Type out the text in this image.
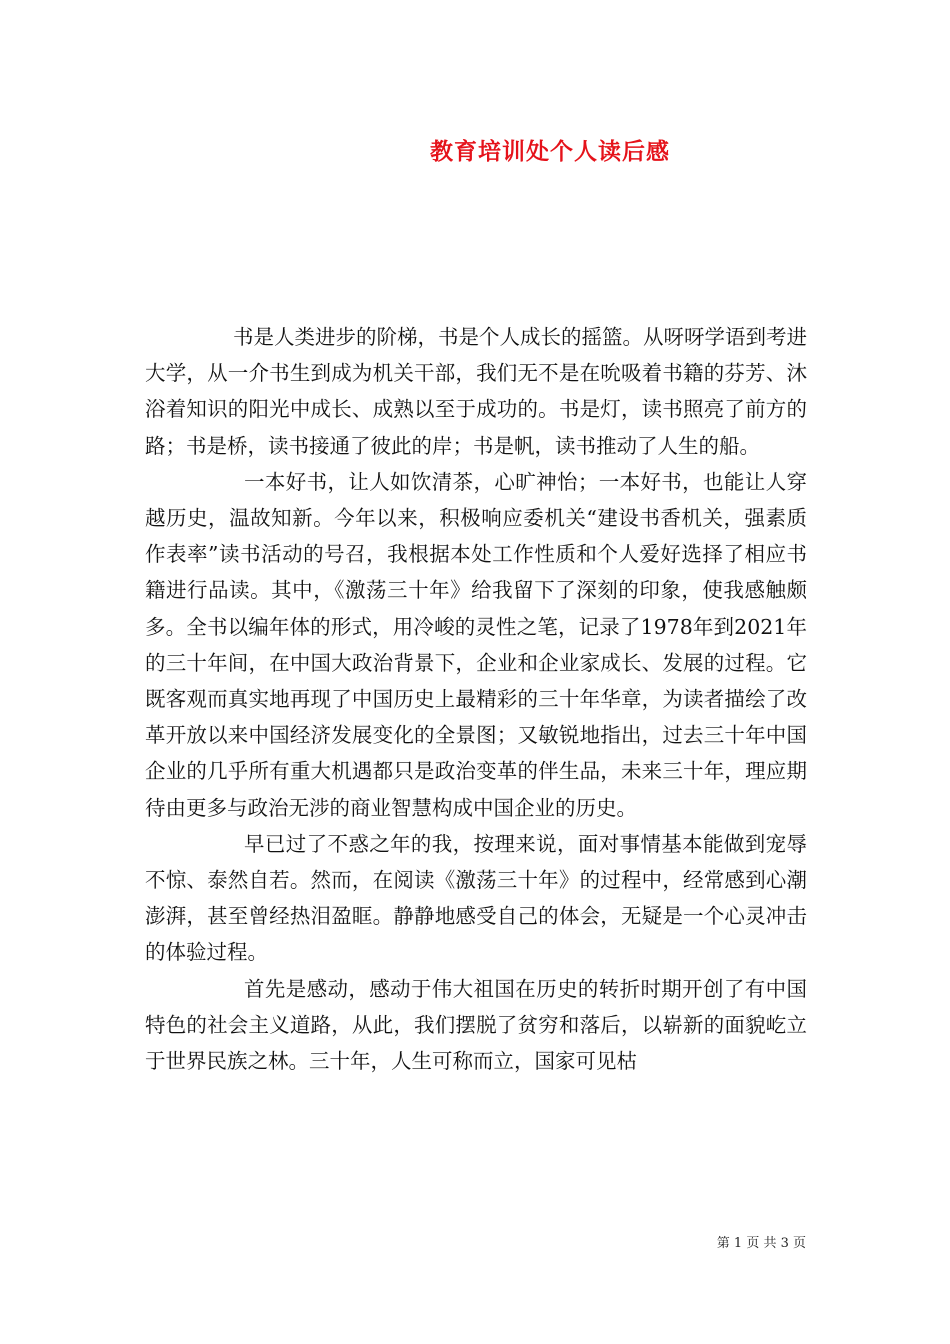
教育培训处个人读后感

书是人类进步的阶梯，书是个人成长的摇篮。从呀呀学语到考进大学，从一介书生到成为机关干部，我们无不是在吮吸着书籍的芬芳、沐浴着知识的阳光中成长、成熟以至于成功的。书是灯，读书照亮了前方的路；书是桥，读书接通了彼此的岸；书是帆，读书推动了人生的船。

一本好书，让人如饮清茶，心旷神怡；一本好书，也能让人穿越历史，温故知新。今年以来，积极响应委机关“建设书香机关，强素质作表率”读书活动的号召，我根据本处工作性质和个人爱好选择了相应书籍进行品读。其中，《激荡三十年》给我留下了深刻的印象，使我感触颇多。全书以编年体的形式，用冷峻的灵性之笔，记录了1978年到2021年的三十年间，在中国大政治背景下，企业和企业家成长、发展的过程。它既客观而真实地再现了中国历史上最精彩的三十年华章，为读者描绘了改革开放以来中国经济发展变化的全景图；又敏锐地指出，过去三十年中国企业的几乎所有重大机遇都只是政治变革的伴生品，未来三十年，理应期待由更多与政治无涉的商业智慧构成中国企业的历史。

早已过了不惑之年的我，按理来说，面对事情基本能做到宠辱不惊、泰然自若。然而，在阅读《激荡三十年》的过程中，经常感到心潮澎湃，甚至曾经热泪盈眶。静静地感受自己的体会，无疑是一个心灵冲击的体验过程。

首先是感动，感动于伟大祖国在历史的转折时期开创了有中国特色的社会主义道路，从此，我们摆脱了贫穷和落后，以崭新的面貌屹立于世界民族之林。三十年，人生可称而立，国家可见枯

第 1 页 共 3 页
